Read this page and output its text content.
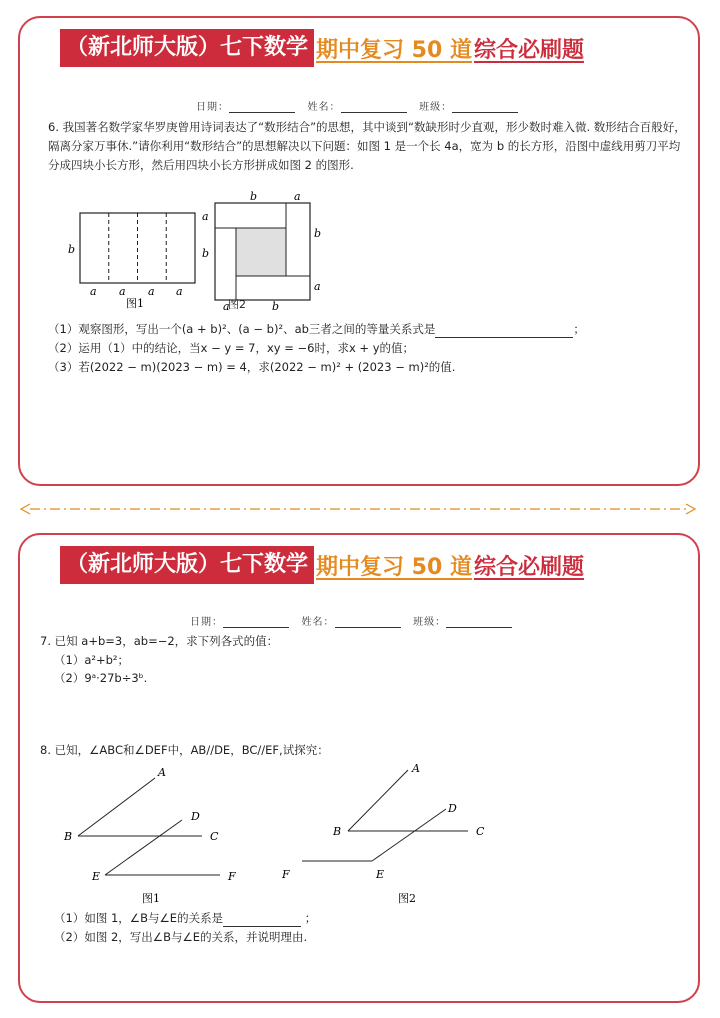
（新北师大版）七下数学 期中复习 50 道 综合必刷题
日期：	姓名：	班级：
6. 我国著名数学家华罗庚曾用诗词表达了“数形结合”的思想，其中谈到“数缺形时少直观，形少数时难入微. 数形结合百般好，隔离分家万事休.”请你利用“数形结合”的思想解决以下问题：如图 1 是一个长 4a，宽为 b 的长方形，沿图中虚线用剪刀平均分成四块小长方形，然后用四块小长方形拼成如图 2 的图形.
b
a a a a
图1
b	a
a
b
b
a
a	b
图2
（1）观察图形，写出一个(a + b)²、(a − b)²、ab三者之间的等量关系式是	；
（2）运用（1）中的结论，当x − y = 7，xy = −6时，求x + y的值；
（3）若(2022 − m)(2023 − m) = 4，求(2022 − m)² + (2023 − m)²的值.
（新北师大版）七下数学 期中复习 50 道 综合必刷题
日期：	姓名：	班级：
7. 已知 a+b=3，ab=−2，求下列各式的值：
（1）a²+b²；
（2）9ᵃ·27b÷3ᵇ.
8. 已知，∠ABC和∠DEF中，AB//DE，BC//EF,试探究：
A
B	C
D
E	F
图1
A
B	C
D
E
F
图2
（1）如图 1，∠B与∠E的关系是	；
（2）如图 2，写出∠B与∠E的关系，并说明理由.
